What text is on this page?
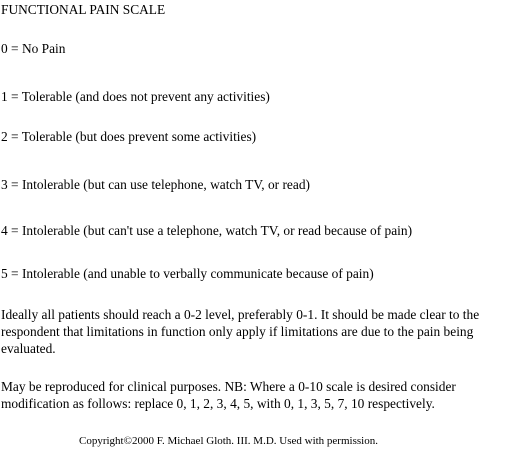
FUNCTIONAL PAIN SCALE
0 = No Pain
1 = Tolerable (and does not prevent any activities)
2 = Tolerable (but does prevent some activities)
3 = Intolerable (but can use telephone, watch TV, or read)
4 = Intolerable (but can't use a telephone, watch TV, or read because of pain)
5 = Intolerable (and unable to verbally communicate because of pain)
Ideally all patients should reach a 0-2 level, preferably 0-1. It should be made clear to the
respondent that limitations in function only apply if limitations are due to the pain being
evaluated.
May be reproduced for clinical purposes. NB: Where a 0-10 scale is desired consider
modification as follows: replace 0, 1, 2, 3, 4, 5, with 0, 1, 3, 5, 7, 10 respectively.
Copyright©2000 F. Michael Gloth. III. M.D. Used with permission.
